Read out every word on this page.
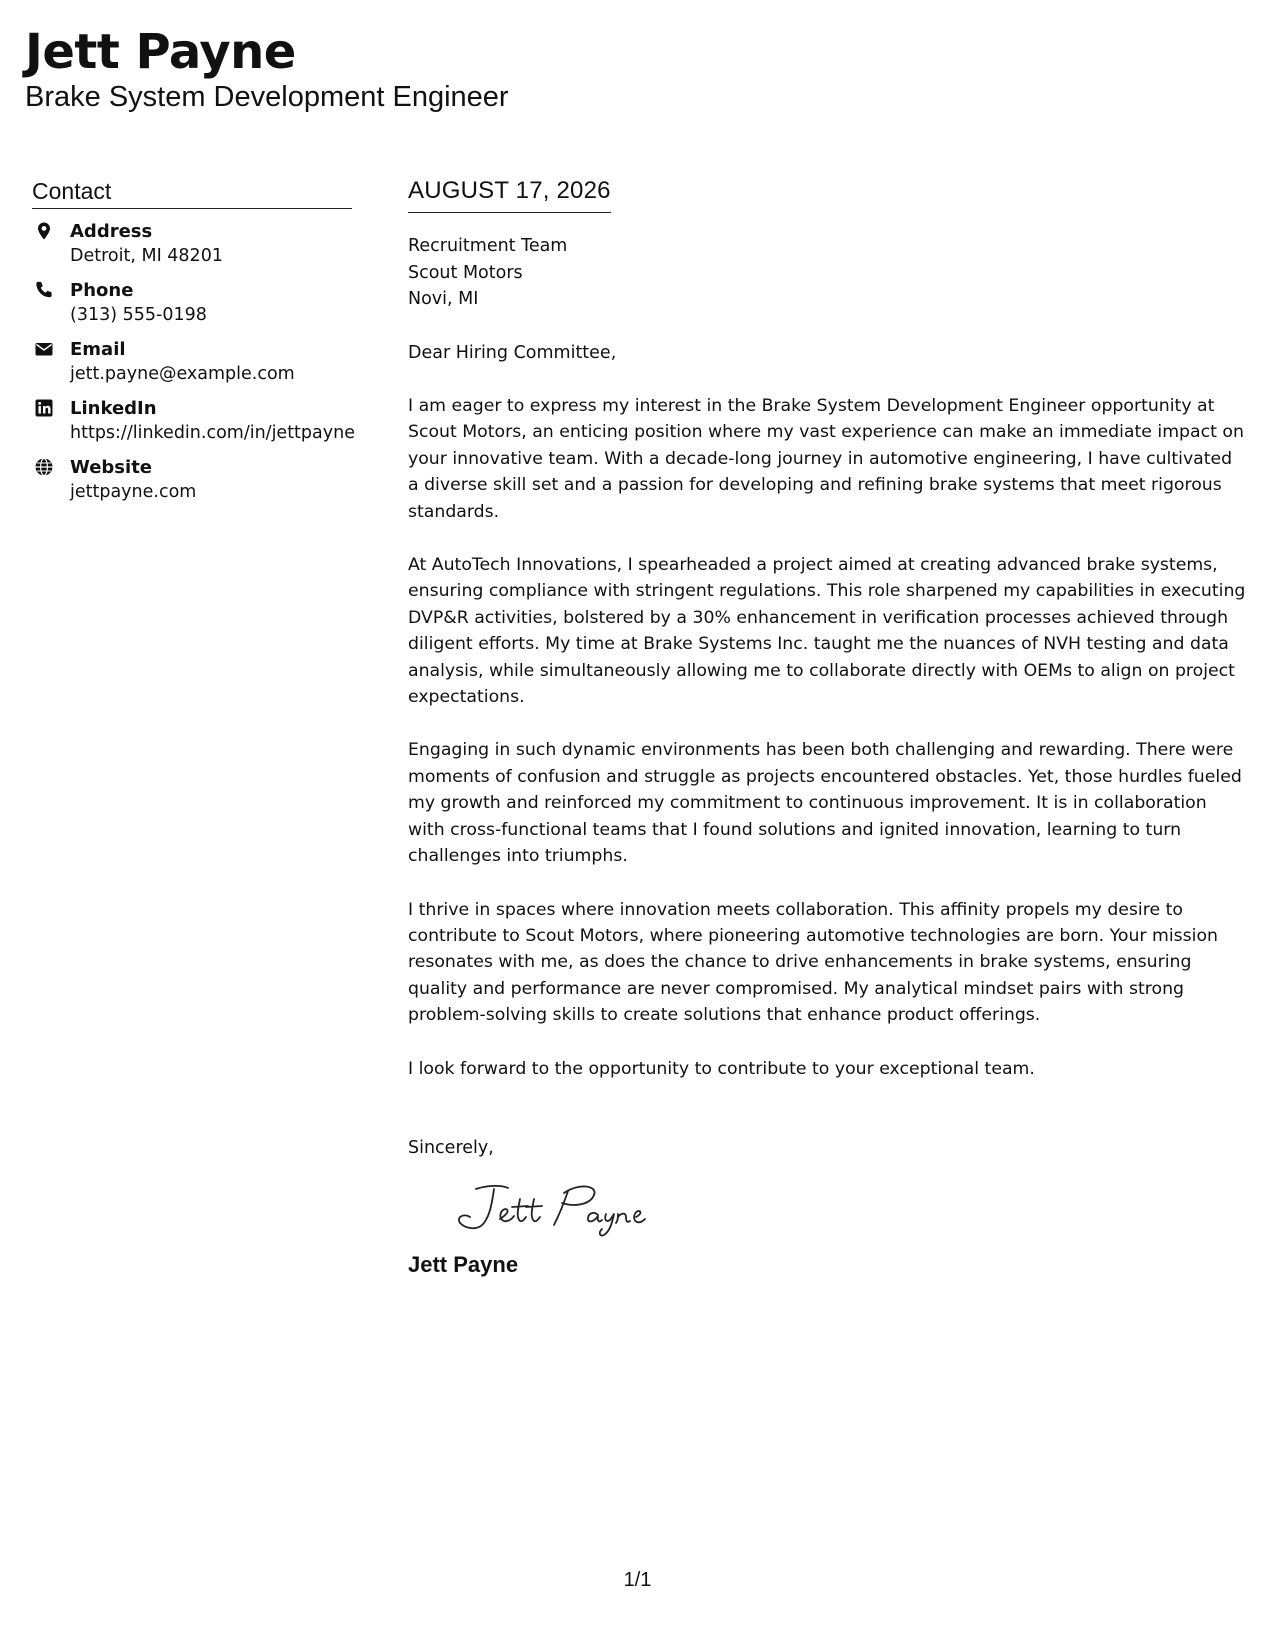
Jett Payne
Brake System Development Engineer
Contact
Address
Detroit, MI 48201
Phone
(313) 555-0198
Email
jett.payne@example.com
LinkedIn
https://linkedin.com/in/jettpayne
Website
jettpayne.com
AUGUST 17, 2026
Recruitment Team
Scout Motors
Novi, MI
Dear Hiring Committee,
I am eager to express my interest in the Brake System Development Engineer opportunity at Scout Motors, an enticing position where my vast experience can make an immediate impact on your innovative team. With a decade-long journey in automotive engineering, I have cultivated a diverse skill set and a passion for developing and refining brake systems that meet rigorous standards.
At AutoTech Innovations, I spearheaded a project aimed at creating advanced brake systems, ensuring compliance with stringent regulations. This role sharpened my capabilities in executing DVP&R activities, bolstered by a 30% enhancement in verification processes achieved through diligent efforts. My time at Brake Systems Inc. taught me the nuances of NVH testing and data analysis, while simultaneously allowing me to collaborate directly with OEMs to align on project expectations.
Engaging in such dynamic environments has been both challenging and rewarding. There were moments of confusion and struggle as projects encountered obstacles. Yet, those hurdles fueled my growth and reinforced my commitment to continuous improvement. It is in collaboration with cross-functional teams that I found solutions and ignited innovation, learning to turn challenges into triumphs.
I thrive in spaces where innovation meets collaboration. This affinity propels my desire to contribute to Scout Motors, where pioneering automotive technologies are born. Your mission resonates with me, as does the chance to drive enhancements in brake systems, ensuring quality and performance are never compromised. My analytical mindset pairs with strong problem-solving skills to create solutions that enhance product offerings.
I look forward to the opportunity to contribute to your exceptional team.
Sincerely,
Jett Payne
1/1
